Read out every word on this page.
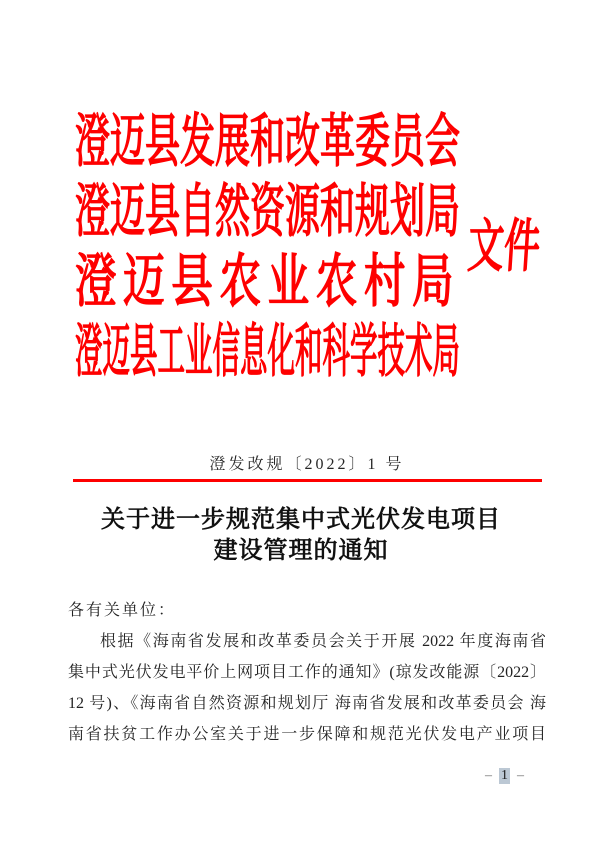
澄迈县发展和改革委员会
澄迈县自然资源和规划局
澄迈县农业农村局
澄迈县工业信息化和科学技术局
文件
澄发改规〔2022〕1 号
关于进一步规范集中式光伏发电项目
建设管理的通知
各有关单位：
根据《海南省发展和改革委员会关于开展 2022 年度海南省
集中式光伏发电平价上网项目工作的通知》(琼发改能源〔2022〕
12 号)、《海南省自然资源和规划厅 海南省发展和改革委员会 海
南省扶贫工作办公室关于进一步保障和规范光伏发电产业项目
– 1 –
